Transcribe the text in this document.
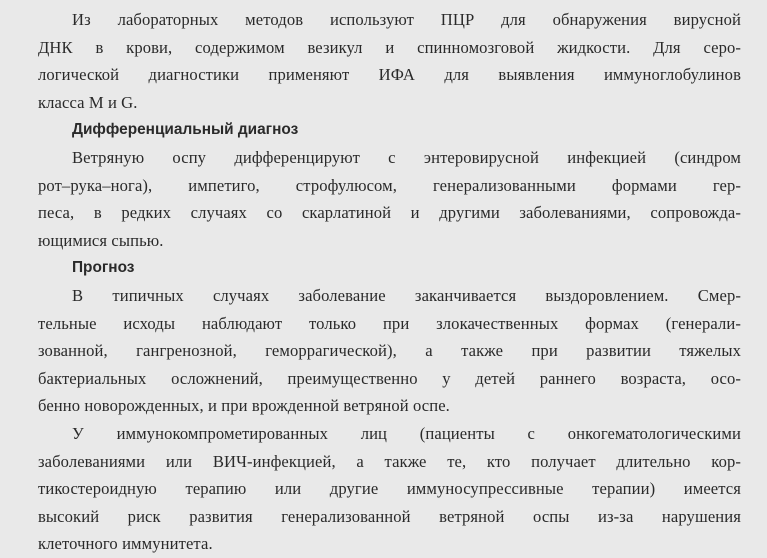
Из лабораторных методов используют ПЦР для обнаружения вирусной
ДНК в крови, содержимом везикул и спинномозговой жидкости. Для серо-
логической диагностики применяют ИФА для выявления иммуноглобулинов
класса M и G.
Дифференциальный диагноз
Ветряную оспу дифференцируют с энтеровирусной инфекцией (синдром
рот–рука–нога), импетиго, строфулюсом, генерализованными формами гер-
песа, в редких случаях со скарлатиной и другими заболеваниями, сопровожда-
ющимися сыпью.
Прогноз
В типичных случаях заболевание заканчивается выздоровлением. Смер-
тельные исходы наблюдают только при злокачественных формах (генерали-
зованной, гангренозной, геморрагической), а также при развитии тяжелых
бактериальных осложнений, преимущественно у детей раннего возраста, осо-
бенно новорожденных, и при врожденной ветряной оспе.
У иммунокомпрометированных лиц (пациенты с онкогематологическими
заболеваниями или ВИЧ-инфекцией, а также те, кто получает длительно кор-
тикостероидную терапию или другие иммуносупрессивные терапии) имеется
высокий риск развития генерализованной ветряной оспы из-за нарушения
клеточного иммунитета.
